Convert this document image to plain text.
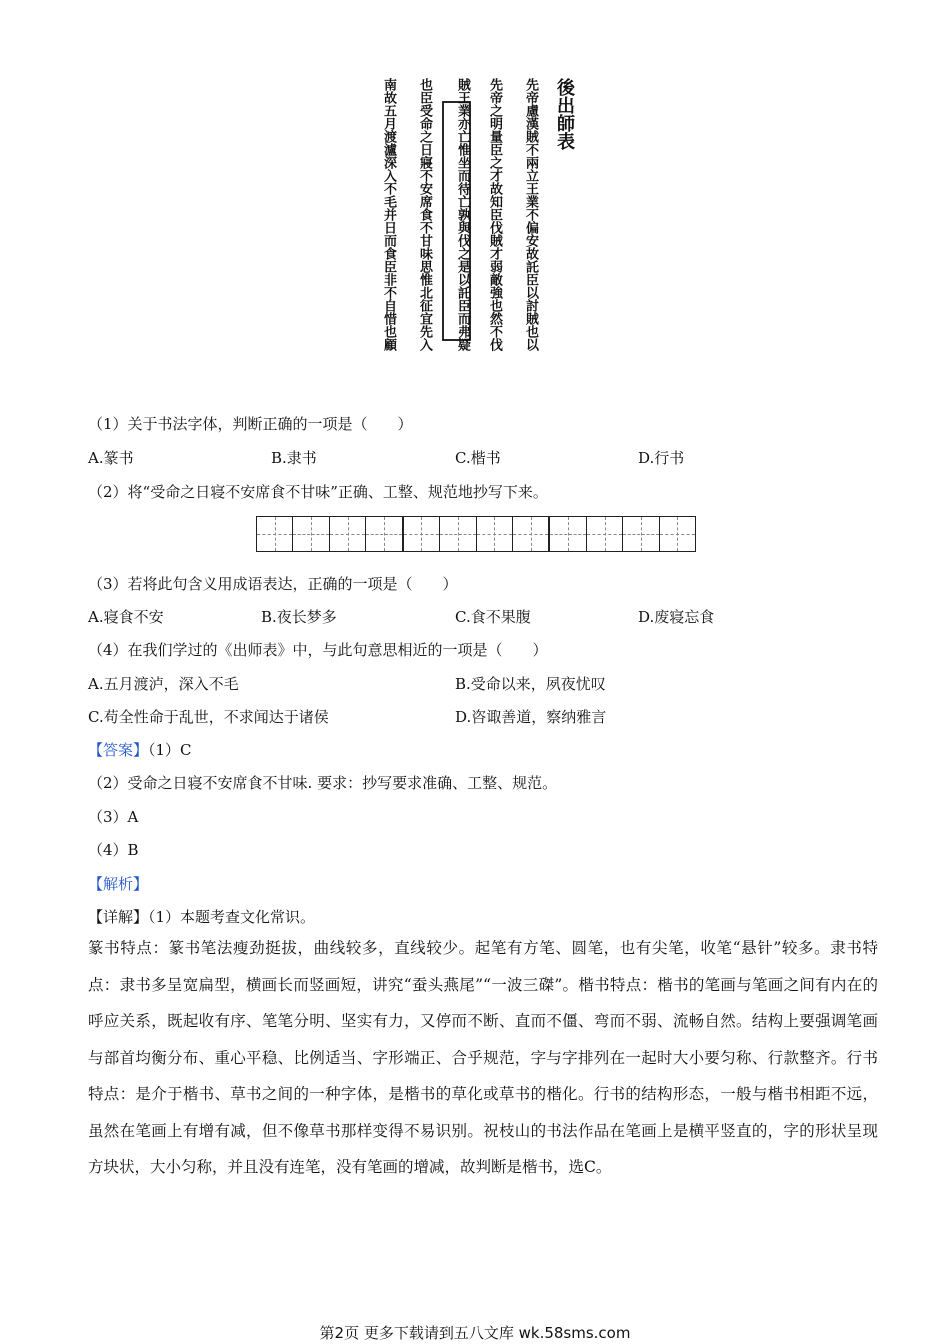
後出師表
先帝慮漢賊不兩立王業不偏安故託臣以討賊也以
先帝之明量臣之才故知臣伐賊才弱敵強也然不伐
賊王業亦亡惟坐而待亡孰與伐之是以託臣而弗疑
也臣受命之日寢不安席食不甘味思惟北征宜先入
南故五月渡瀘深入不毛并日而食臣非不自惜也顧
（1）关于书法字体，判断正确的一项是（　　）
A.篆书	B.隶书	C.楷书	D.行书
（2）将“受命之日寝不安席食不甘味”正确、工整、规范地抄写下来。
（3）若将此句含义用成语表达，正确的一项是（　　）
A.寝食不安	B.夜长梦多	C.食不果腹	D.废寝忘食
（4）在我们学过的《出师表》中，与此句意思相近的一项是（　　）
A.五月渡泸，深入不毛	B.受命以来，夙夜忧叹
C.苟全性命于乱世，不求闻达于诸侯	D.咨诹善道，察纳雅言
【答案】（1）C
（2）受命之日寝不安席食不甘味. 要求：抄写要求准确、工整、规范。
（3）A
（4）B
【解析】
【详解】（1）本题考查文化常识。
篆书特点：篆书笔法瘦劲挺拔，曲线较多，直线较少。起笔有方笔、圆笔，也有尖笔，收笔“悬针”较多。隶书特点：隶书多呈宽扁型，横画长而竖画短，讲究“蚕头燕尾”“一波三磔”。楷书特点：楷书的笔画与笔画之间有内在的呼应关系，既起收有序、笔笔分明、坚实有力，又停而不断、直而不僵、弯而不弱、流畅自然。结构上要强调笔画与部首均衡分布、重心平稳、比例适当、字形端正、合乎规范，字与字排列在一起时大小要匀称、行款整齐。行书特点：是介于楷书、草书之间的一种字体，是楷书的草化或草书的楷化。行书的结构形态，一般与楷书相距不远，虽然在笔画上有增有减，但不像草书那样变得不易识别。祝枝山的书法作品在笔画上是横平竖直的，字的形状呈现方块状，大小匀称，并且没有连笔，没有笔画的增减，故判断是楷书，选C。
第2页 更多下载请到五八文库 wk.58sms.com
